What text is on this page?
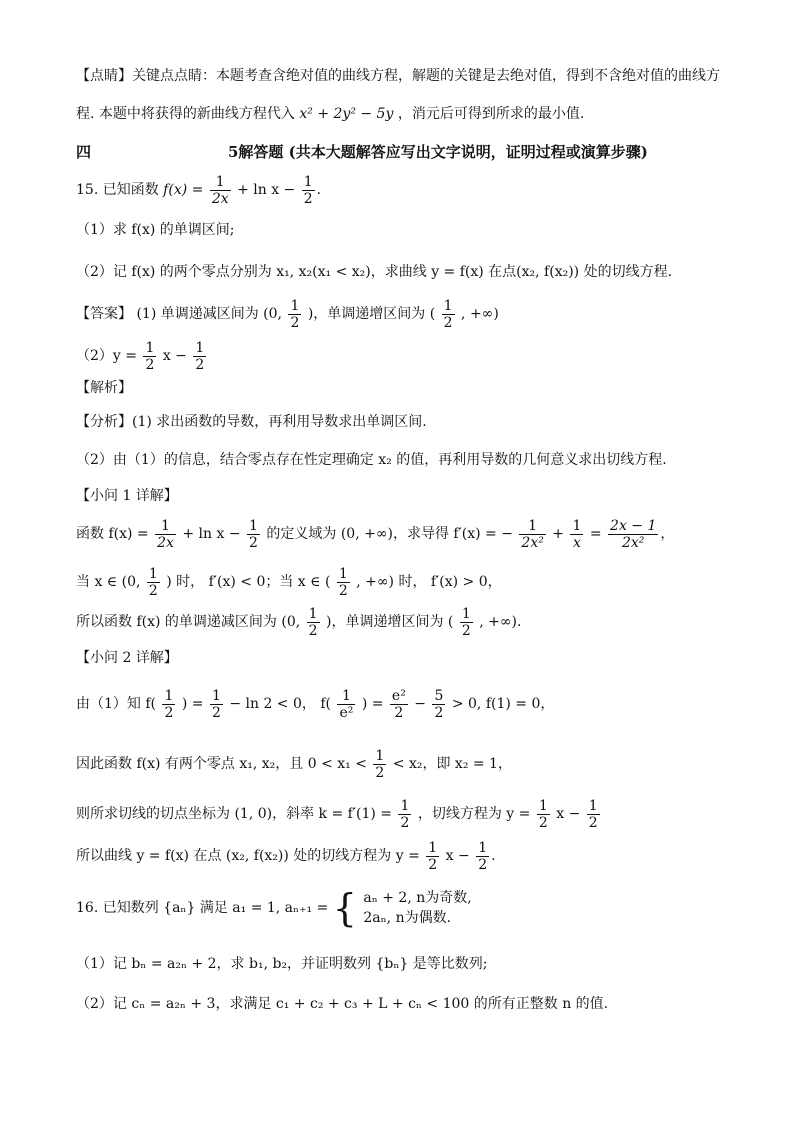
【点睛】关键点点睛：本题考查含绝对值的曲线方程，解题的关键是去绝对值，得到不含绝对值的曲线方
程. 本题中将获得的新曲线方程代入 x² + 2y² − 5y ，消元后可得到所求的最小值.
四	5解答题 (共本大题解答应写出文字说明，证明过程或演算步骤)
15. 已知函数 $f(x) = \frac{1}{2x} + \ln x - \frac{1}{2}$ .
（1）求 f(x) 的单调区间;
（2）记 f(x) 的两个零点分别为 x₁, x₂(x₁ < x₂)，求曲线 y = f(x) 在点(x₂, f(x₂)) 处的切线方程.
【答案】 (1) 单调递减区间为 (0, $\frac{1}{2}$ )，单调递增区间为 ( $\frac{1}{2}$ , +∞)
$(2)y = \frac{1}{2}$ $x - \frac{1}{2}$
【解析】
【分析】(1) 求出函数的导数，再利用导数求出单调区间.
（2）由（1）的信息，结合零点存在性定理确定 x₂ 的值，再利用导数的几何意义求出切线方程.
【小问 1 详解】
函数 $f(x) = \frac{1}{2x} + \ln x - \frac{1}{2}$ 的定义域为 (0, +∞)，求导得 f′(x) = − $\frac{1}{\text{2x²}} + \frac{1}{x} = \frac{2x - 1}{\text{2x²}}$ ，
当 x ∈ (0, $\frac{1}{2}$ ) 时， f′(x) < 0；当 x ∈ ( $\frac{1}{2}$ , +∞) 时， f′(x) > 0，
所以函数 f(x) 的单调递减区间为 (0, $\frac{1}{2}$ )，单调递增区间为 ( $\frac{1}{2}$ , +∞).
【小问 2 详解】
由（1）知 $f( \frac{1}{2}$ ) = $\frac{1}{2} - \ln 2 < 0$， $f( \frac{1}{\text{e²}}$ ) = $\frac{\text{e²}}{2} - \frac{5}{2} > 0$, f(1) = 0，
因此函数 f(x) 有两个零点 x₁, x₂，且 $0 < x_1 < \frac{1}{2} < x_2$，即 x₂ = 1，
则所求切线的切点坐标为 (1, 0)，斜率 $k = f'(1) = \frac{1}{2}$ ，切线方程为 $y = \frac{1}{2}$ $x - \frac{1}{2}$
所以曲线 y = f(x) 在点 (x₂, f(x₂)) 处的切线方程为 $y = \frac{1}{2}$ $x - \frac{1}{2}$ .
16. 已知数列 {aₙ} 满足 a₁ = 1, aₙ₊₁ = { aₙ + 2, n为奇数,
2aₙ, n为偶数.
（1）记 bₙ = a₂ₙ + 2，求 b₁, b₂，并证明数列 {bₙ} 是等比数列;
（2）记 cₙ = a₂ₙ + 3，求满足 c₁ + c₂ + c₃ + L + cₙ < 100 的所有正整数 n 的值.
